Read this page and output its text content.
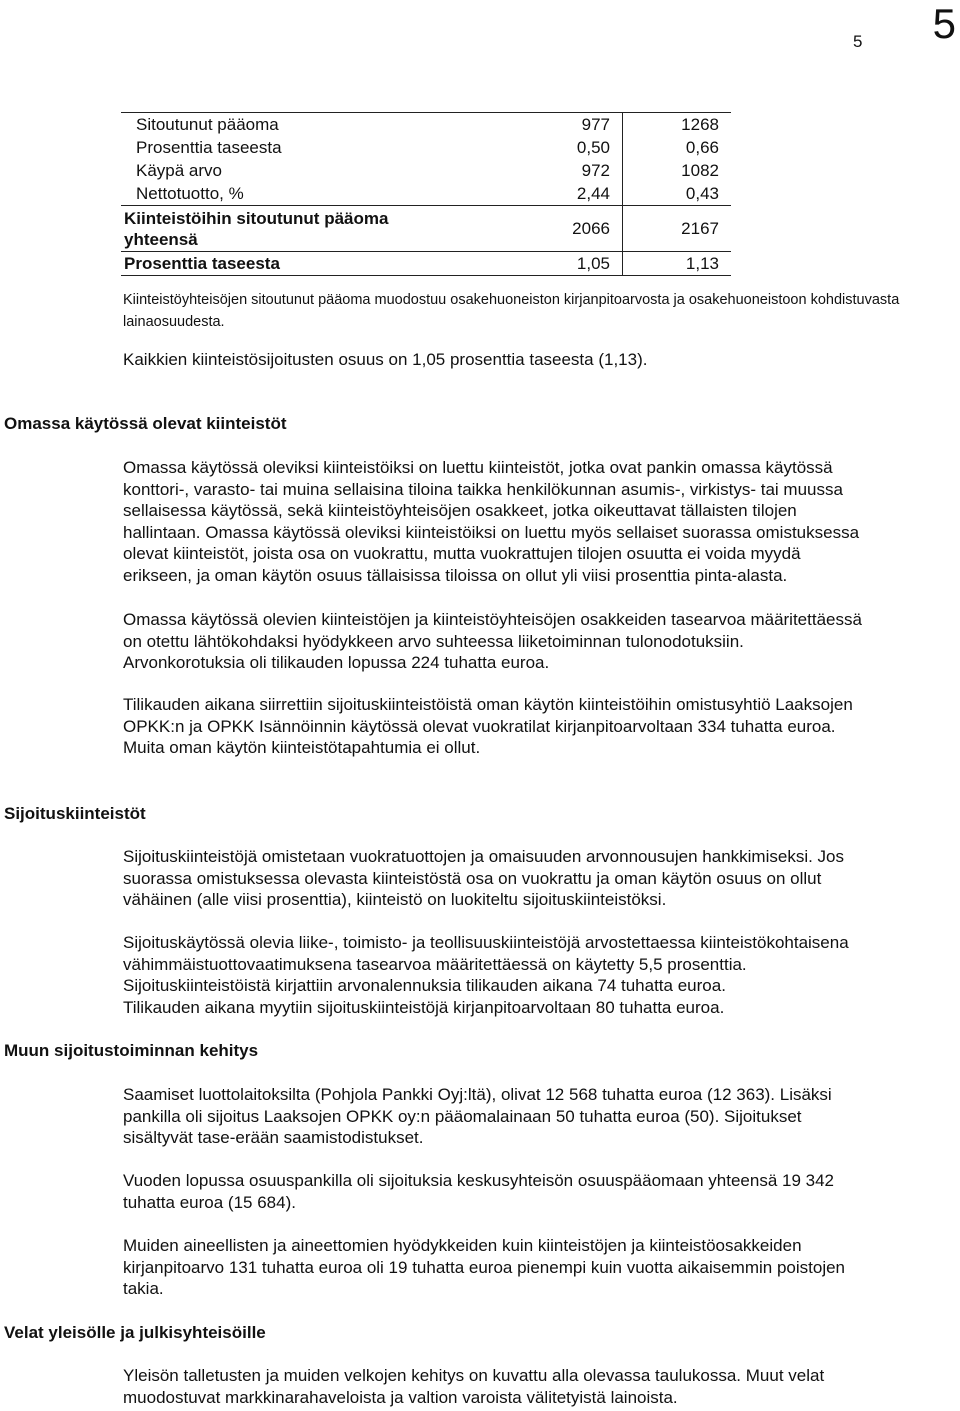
5 5
Sitoutunut pääoma	977	1268
Prosenttia taseesta	0,50	0,66
Käypä arvo	972	1082
Nettotuotto, %	2,44	0,43

Kiinteistöihin sitoutunut pääoma
yhteensä	2066	2167
Prosenttia taseesta	1,05	1,13
Kiinteistöyhteisöjen sitoutunut pääoma muodostuu osakehuoneiston kirjanpitoarvosta ja osakehuoneistoon kohdistuvasta
lainaosuudesta.
Kaikkien kiinteistösijoitusten osuus on 1,05 prosenttia taseesta (1,13).
Omassa käytössä olevat kiinteistöt
Omassa käytössä oleviksi kiinteistöiksi on luettu kiinteistöt, jotka ovat pankin omassa käytössä
konttori-, varasto- tai muina sellaisina tiloina taikka henkilökunnan asumis-, virkistys- tai muussa
sellaisessa käytössä, sekä kiinteistöyhteisöjen osakkeet, jotka oikeuttavat tällaisten tilojen
hallintaan. Omassa käytössä oleviksi kiinteistöiksi on luettu myös sellaiset suorassa omistuksessa
olevat kiinteistöt, joista osa on vuokrattu, mutta vuokrattujen tilojen osuutta ei voida myydä
erikseen, ja oman käytön osuus tällaisissa tiloissa on ollut yli viisi prosenttia pinta-alasta.
Omassa käytössä olevien kiinteistöjen ja kiinteistöyhteisöjen osakkeiden tasearvoa määritettäessä
on otettu lähtökohdaksi hyödykkeen arvo suhteessa liiketoiminnan tulonodotuksiin.
Arvonkorotuksia oli tilikauden lopussa 224 tuhatta euroa.
Tilikauden aikana siirrettiin sijoituskiinteistöistä oman käytön kiinteistöihin omistusyhtiö Laaksojen
OPKK:n ja OPKK Isännöinnin käytössä olevat vuokratilat kirjanpitoarvoltaan 334 tuhatta euroa.
Muita oman käytön kiinteistötapahtumia ei ollut.
Sijoituskiinteistöt
Sijoituskiinteistöjä omistetaan vuokratuottojen ja omaisuuden arvonnousujen hankkimiseksi. Jos
suorassa omistuksessa olevasta kiinteistöstä osa on vuokrattu ja oman käytön osuus on ollut
vähäinen (alle viisi prosenttia), kiinteistö on luokiteltu sijoituskiinteistöksi.
Sijoituskäytössä olevia liike-, toimisto- ja teollisuuskiinteistöjä arvostettaessa kiinteistökohtaisena
vähimmäistuottovaatimuksena tasearvoa määritettäessä on käytetty 5,5 prosenttia.
Sijoituskiinteistöistä kirjattiin arvonalennuksia tilikauden aikana 74 tuhatta euroa.
Tilikauden aikana myytiin sijoituskiinteistöjä kirjanpitoarvoltaan 80 tuhatta euroa.
Muun sijoitustoiminnan kehitys
Saamiset luottolaitoksilta (Pohjola Pankki Oyj:ltä), olivat 12 568 tuhatta euroa (12 363). Lisäksi
pankilla oli sijoitus Laaksojen OPKK oy:n pääomalainaan 50 tuhatta euroa (50). Sijoitukset
sisältyvät tase-erään saamistodistukset.
Vuoden lopussa osuuspankilla oli sijoituksia keskusyhteisön osuuspääomaan yhteensä 19 342
tuhatta euroa (15 684).
Muiden aineellisten ja aineettomien hyödykkeiden kuin kiinteistöjen ja kiinteistöosakkeiden
kirjanpitoarvo 131 tuhatta euroa oli 19 tuhatta euroa pienempi kuin vuotta aikaisemmin poistojen
takia.
Velat yleisölle ja julkisyhteisöille
Yleisön talletusten ja muiden velkojen kehitys on kuvattu alla olevassa taulukossa. Muut velat
muodostuvat markkinarahaveloista ja valtion varoista välitetyistä lainoista.
